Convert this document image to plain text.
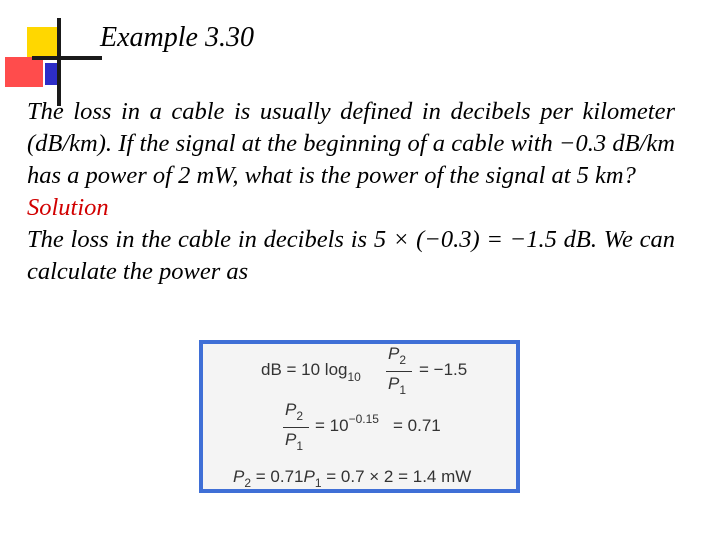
Example 3.30

The loss in a cable is usually defined in decibels per kilometer (dB/km). If the signal at the beginning of a cable with −0.3 dB/km has a power of 2 mW, what is the power of the signal at 5 km?

Solution

The loss in the cable in decibels is 5 × (−0.3) = −1.5 dB. We can calculate the power as

dB = 10 $\log_{10}$
$P_2$
$P_1$
= −1.5
$P_2$
$P_1$
= $10^{-0.15} = 0.71$
$P_2 = 0.71P_1 = 0.7 \times 2 = 1.4$ mW
